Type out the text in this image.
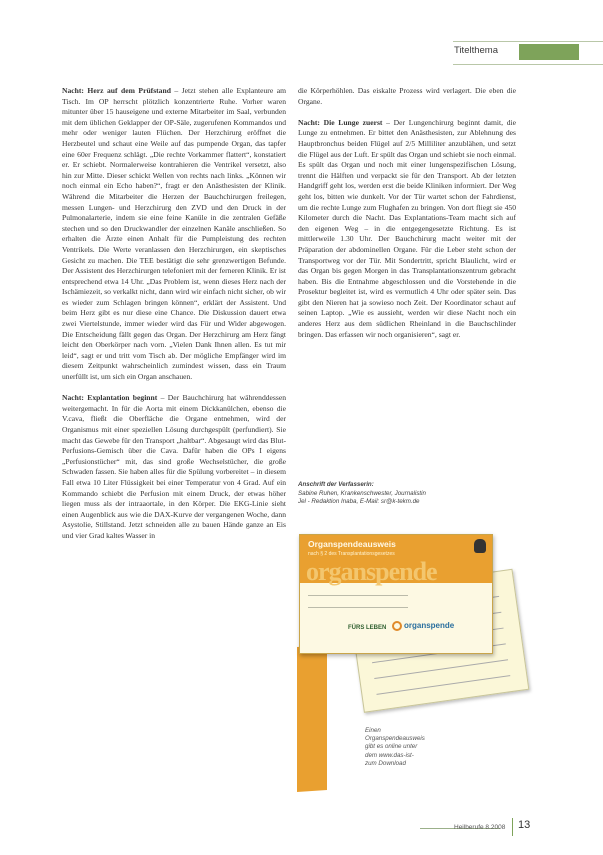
Titelthema

Nacht: Herz auf dem Prüfstand – Jetzt stehen alle Explanteure am Tisch. Im OP herrscht plötzlich konzentrierte Ruhe. Vorher waren mitunter über 15 hauseigene und externe Mitarbeiter im Saal, verbunden mit dem üblichen Geklapper der OP-Säle, zugerufenen Kommandos und mehr oder weniger lauten Flüchen. Der Herzchirurg eröffnet die Herzbeutel und schaut eine Weile auf das pumpende Organ, das tapfer eine 60er Frequenz schlägt. „Die rechte Vorkammer flattert“, konstatiert er. Er schiebt. Normalerweise kontrahieren die Ventrikel versetzt, also hin zur Mitte. Dieser schickt Wellen von rechts nach links. „Können wir noch einmal ein Echo haben?“, fragt er den Anästhesisten der Klinik. Während die Mitarbeiter die Herzen der Bauchchirurgen freilegen, messen Lungen- und Herzchirurg den ZVD und den Druck in der Pulmonalarterie, indem sie eine feine Kanüle in die zentralen Gefäße stechen und so den Druckwandler der einzelnen Kanäle anschließen. So erhalten die Ärzte einen Anhalt für die Pumpleistung des rechten Ventrikels. Die Werte veranlassen den Herzchirurgen, ein skeptisches Gesicht zu machen. Die TEE bestätigt die sehr grenzwertigen Befunde. Der Assistent des Herzchirurgen telefoniert mit der ferneren Klinik. Er ist entsprechend etwa 14 Uhr. „Das Problem ist, wenn dieses Herz nach der Ischämiezeit, so verkalkt nicht, dann wird wir einfach nicht sicher, ob wir es wieder zum Schlagen bringen können“, erklärt der Assistent. Und beim Herz gibt es nur diese eine Chance. Die Diskussion dauert etwa zwei Viertelstunde, immer wieder wird das Für und Wider abgewogen. Die Entscheidung fällt gegen das Organ. Der Herzchirurg am Herz fängt leicht den Oberkörper nach vorn. „Vielen Dank Ihnen allen. Es tut mir leid“, sagt er und tritt vom Tisch ab. Der mögliche Empfänger wird im diesem Zeitpunkt wahrscheinlich zumindest wissen, dass ein Traum unerfüllt ist, um sich ein Organ anschauen.

Nacht: Explantation beginnt – Der Bauchchirurg hat währenddessen weitergemacht. In für die Aorta mit einem Dickkanülchen, ebenso die V.cava, fließt die Oberfläche die Organe entnehmen, wird der Organismus mit einer speziellen Lösung durchgespült (perfundiert). Sie macht das Gewebe für den Transport „haltbar“. Abgesaugt wird das Blut-Perfusions-Gemisch über die Cava. Dafür haben die OPs I eigens „Perfusionstücher“ mit, das sind große Wechselstücher, die große Schwaden fassen. Sie haben alles für die Spülung vorbereitet – in diesem Fall etwa 10 Liter Flüssigkeit bei einer Temperatur von 4 Grad. Auf ein Kommando schiebt die Perfusion mit einem Druck, der etwas höher liegen muss als der intraaortale, in den Körper. Die EKG-Linie sieht einen Augenblick aus wie die DAX-Kurve der vergangenen Woche, dann Asystolie, Stillstand. Jetzt schneiden alle zu bauen Hände ganze an Eis und vier Grad kaltes Wasser in

die Körperhöhlen. Das eiskalte Prozess wird verlagert. Die eben die Organe.

Nacht: Die Lunge zuerst – Der Lungenchirurg beginnt damit, die Lunge zu entnehmen. Er bittet den Anästhesisten, zur Ablehnung des Hauptbronchus beiden Flügel auf 2/5 Milliliter anzublähen, und setzt die Flügel aus der Luft. Er spült das Organ und schiebt sie noch einmal. Es spült das Organ und noch mit einer lungenspezifischen Lösung, trennt die Hälften und verpackt sie für den Transport. Ab der letzten Handgriff geht los, werden erst die beide Kliniken informiert. Der Weg geht los, bitten wie dunkelt. Vor der Tür wartet schon der Fahrdienst, um die rechte Lunge zum Flughafen zu bringen. Von dort fliegt sie 450 Kilometer durch die Nacht. Das Explantations-Team macht sich auf den eigenen Weg – in die entgegengesetzte Richtung. Es ist mittlerweile 1.30 Uhr. Der Bauchchirurg macht weiter mit der Präparation der abdominellen Organe. Für die Leber steht schon der Transportweg vor der Tür. Mit Sondertritt, spricht Blaulicht, wird er das Organ bis gegen Morgen in das Transplantationszentrum gebracht haben. Bis die Entnahme abgeschlossen und die Vorstehende in die Prosektur begleitet ist, wird es vermutlich 4 Uhr oder später sein. Das gibt den Nieren hat ja sowieso noch Zeit. Der Koordinator schaut auf seinen Laptop. „Wie es aussieht, werden wir diese Nacht noch ein anderes Herz aus dem südlichen Rheinland in die Bauchschlinder bringen. Das erfassen wir noch organisieren“, sagt er.

Anschrift der Verfasserin:
Sabine Ruhen, Krankenschwester, Journalistin
Jel - Redaktion Inaba, E-Mail: sr@k-tekm.de
Organspendeausweis
nach § 2 des Transplantationsgesetzes
organspende
FÜRS LEBEN organspende
Einen Organspendeausweis gibt es online unter dem www.das-ist-zum Download
Heilberufe 8.2008 13
